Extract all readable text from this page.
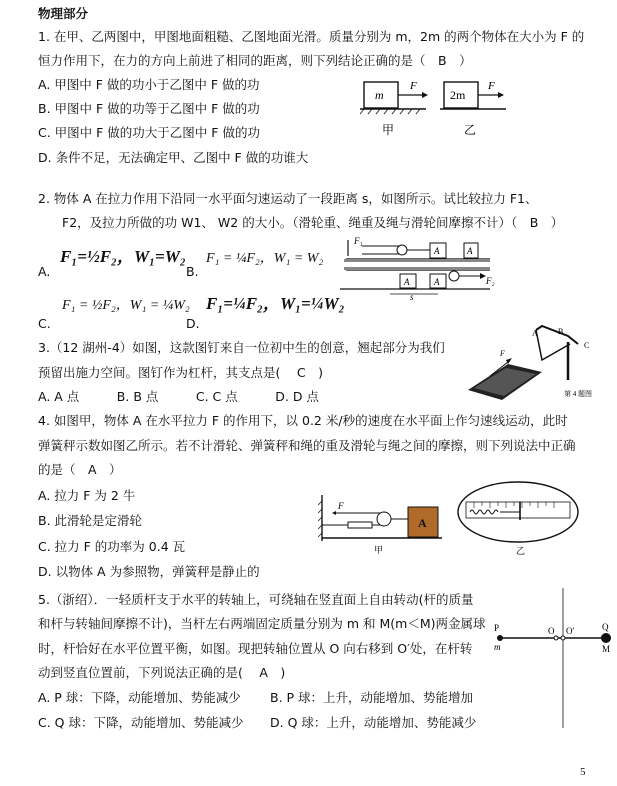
物理部分
1. 在甲、乙两图中，甲图地面粗糙、乙图地面光滑。质量分别为 m，2m 的两个物体在大小为 F 的
恒力作用下，在力的方向上前进了相同的距离，则下列结论正确的是（　B　）
A. 甲图中 F 做的功小于乙图中 F 做的功
B. 甲图中 F 做的功等于乙图中 F 做的功
C. 甲图中 F 做的功大于乙图中 F 做的功
D. 条件不足，无法确定甲、乙图中 F 做的功谁大
m
F
甲
2m
F
乙
2. 物体 A 在拉力作用下沿同一水平面匀速运动了一段距离 s，如图所示。试比较拉力 F1、
F2，及拉力所做的功 W1、 W2 的大小。（滑轮重、绳重及绳与滑轮间摩擦不计）（　B　）
A.
F₁=½F₂，W₁=W₂
B.
F₁ = ¼F₂，W₁ = W₂
C.
F₁ = ½F₂，W₁ = ¼W₂
D.
F₁=¼F₂，W₁=¼W₂
F₁
A	A
A	A	F₂
s
3.（12 湖州-4）如图，这款图钉来自一位初中生的创意，翘起部分为我们
预留出施力空间。图钉作为杠杆，其支点是(　 C　)
A. A 点　　　B. B 点　　　C. C 点　　　D. D 点
A	B
C
F
第 4 题图
4. 如图甲，物体 A 在水平拉力 F 的作用下，以 0.2 米/秒的速度在水平面上作匀速线运动，此时
弹簧秤示数如图乙所示。若不计滑轮、弹簧秤和绳的重及滑轮与绳之间的摩擦，则下列说法中正确
的是（　A　）
A. 拉力 F 为 2 牛
B. 此滑轮是定滑轮
C. 拉力 F 的功率为 0.4 瓦
D. 以物体 A 为参照物，弹簧秤是静止的
F
A
甲	乙
5.（浙绍）．一轻质杆支于水平的转轴上，可绕轴在竖直面上自由转动(杆的质量
和杆与转轴间摩擦不计)，当杆左右两端固定质量分别为 m 和 M(m＜M)两金属球
时，杆恰好在水平位置平衡，如图。现把转轴位置从 O 向右移到 O′处，在杆转
动到竖直位置前，下列说法正确的是(　 A　)
A. P 球：下降，动能增加、势能减少 B. P 球：上升，动能增加、势能增加
C. Q 球：下降，动能增加、势能减少 D. Q 球：上升，动能增加、势能减少
P
m
O O′	Q
M
5
